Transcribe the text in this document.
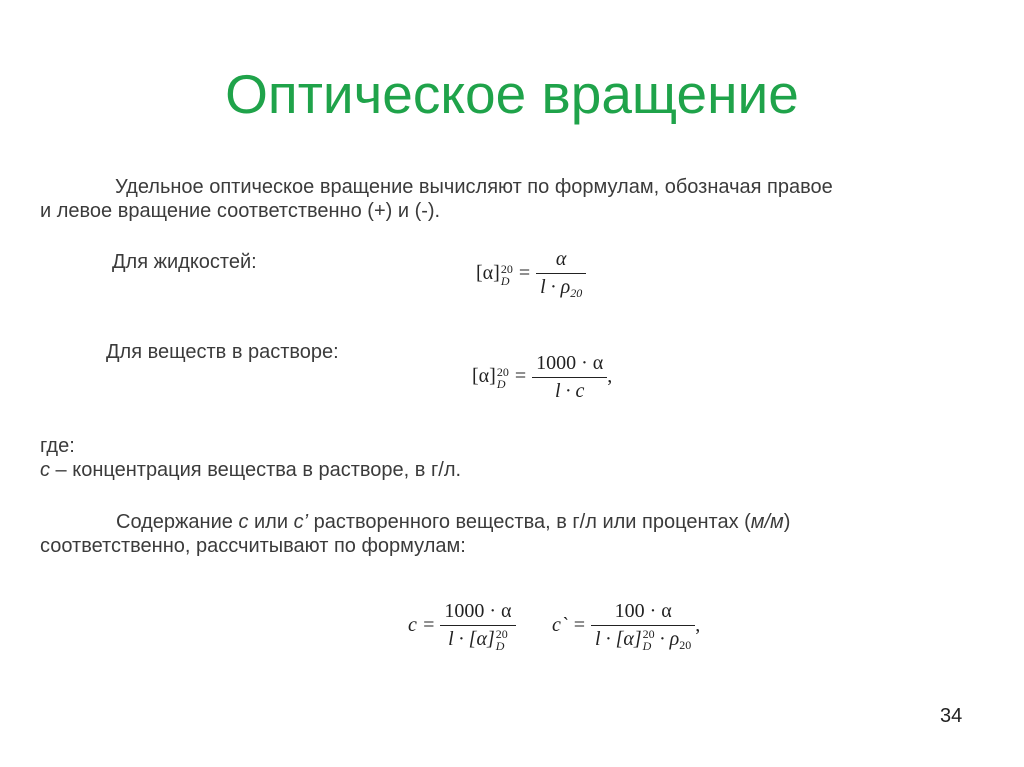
Оптическое вращение
Удельное оптическое вращение вычисляют по формулам, обозначая правое
и левое вращение соответственно (+) и (-).
Для жидкостей:
[α] 20
$D = \frac{\alpha}{l \cdot \rho_{20}}$
Для веществ в растворе:
[α] 20
$D = \frac{1000 \cdot \alpha}{l \cdot c}$ ,
где:
c – концентрация вещества в растворе, в г/л.
Содержание c или c’ растворенного вещества, в г/л или процентах (м/м)
соответственно, рассчитывают по формулам:
c = 1000 · α
l · [α] 20
D c` = 100 · α
l · [α] 20
$D \cdot \rho_{20}$ ,
34
